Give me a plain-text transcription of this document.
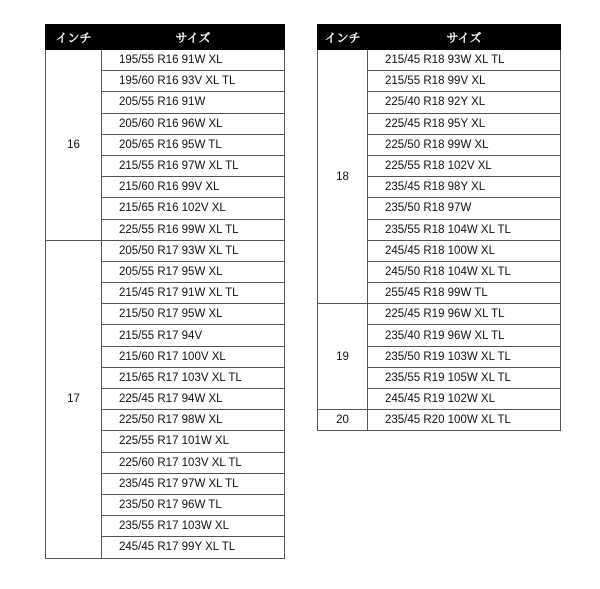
インチ	サイズ
16	195/55 R16 91W XL
	195/60 R16 93V XL TL
	205/55 R16 91W
	205/60 R16 96W XL
	205/65 R16 95W TL
	215/55 R16 97W XL TL
	215/60 R16 99V XL
	215/65 R16 102V XL
	225/55 R16 99W XL TL
17	205/50 R17 93W XL TL
	205/55 R17 95W XL
	215/45 R17 91W XL TL
	215/50 R17 95W XL
	215/55 R17 94V
	215/60 R17 100V XL
	215/65 R17 103V XL TL
	225/45 R17 94W XL
	225/50 R17 98W XL
	225/55 R17 101W XL
	225/60 R17 103V XL TL
	235/45 R17 97W XL TL
	235/50 R17 96W TL
	235/55 R17 103W XL
	245/45 R17 99Y XL TL
インチ	サイズ
18	215/45 R18 93W XL TL
	215/55 R18 99V XL
	225/40 R18 92Y XL
	225/45 R18 95Y XL
	225/50 R18 99W XL
	225/55 R18 102V XL
	235/45 R18 98Y XL
	235/50 R18 97W
	235/55 R18 104W XL TL
	245/45 R18 100W XL
	245/50 R18 104W XL TL
	255/45 R18 99W TL
19	225/45 R19 96W XL TL
	235/40 R19 96W XL TL
	235/50 R19 103W XL TL
	235/55 R19 105W XL TL
	245/45 R19 102W XL
20	235/45 R20 100W XL TL
